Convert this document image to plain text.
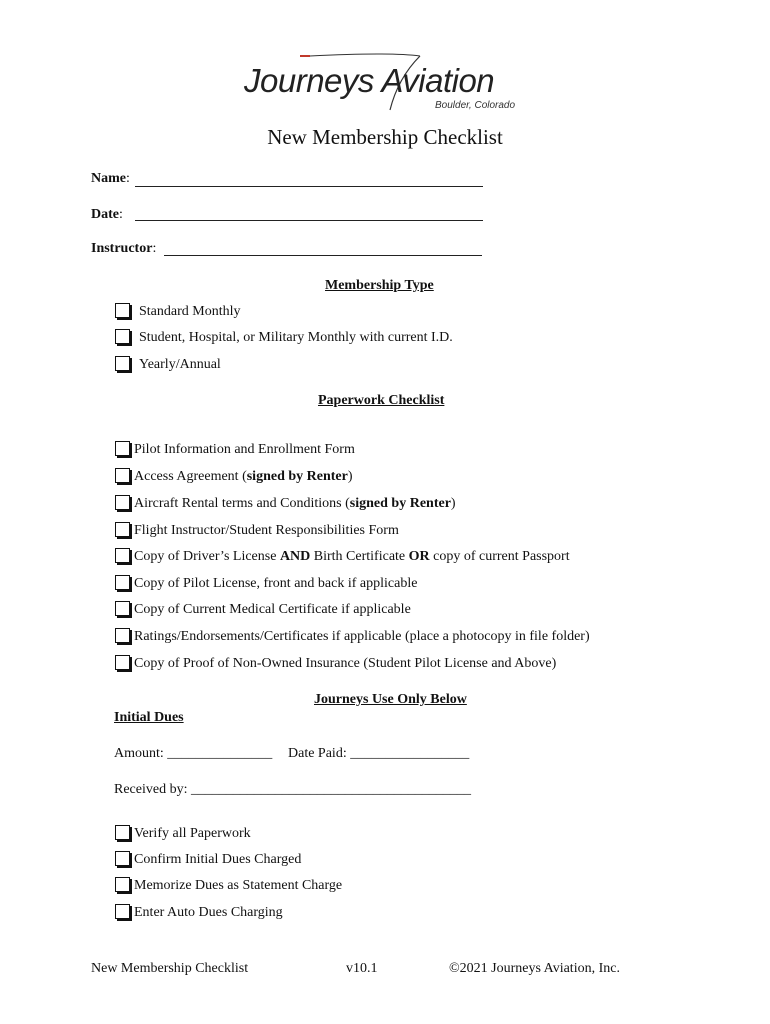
Journeys Aviation
Boulder, Colorado
New Membership Checklist
Name:
Date:
Instructor:
Membership Type
Standard Monthly
Student, Hospital, or Military Monthly with current I.D.
Yearly/Annual
Paperwork Checklist
Pilot Information and Enrollment Form
Access Agreement (signed by Renter)
Aircraft Rental terms and Conditions (signed by Renter)
Flight Instructor/Student Responsibilities Form
Copy of Driver’s License AND Birth Certificate OR copy of current Passport
Copy of Pilot License, front and back if applicable
Copy of Current Medical Certificate if applicable
Ratings/Endorsements/Certificates if applicable (place a photocopy in file folder)
Copy of Proof of Non-Owned Insurance (Student Pilot License and Above)
Journeys Use Only Below
Initial Dues
Amount: _______________ Date Paid: _________________
Received by: ________________________________________
Verify all Paperwork
Confirm Initial Dues Charged
Memorize Dues as Statement Charge
Enter Auto Dues Charging
New Membership Checklist	v10.1	©2021 Journeys Aviation, Inc.
